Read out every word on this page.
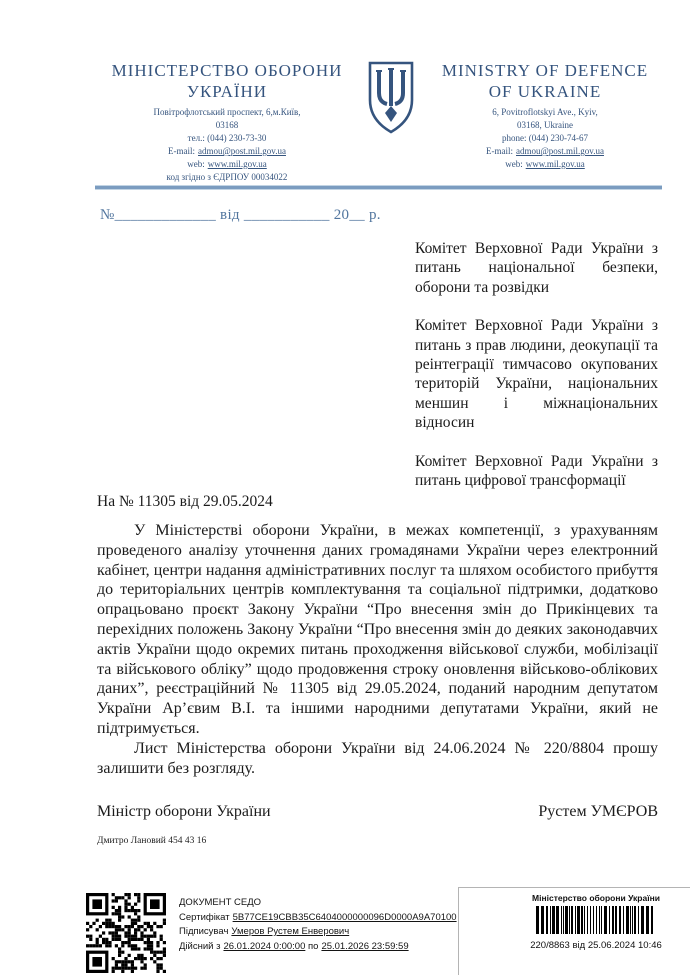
МІНІСТЕРСТВО ОБОРОНИ
УКРАЇНИ
Повітрофлотський проспект, 6,м.Київ,
03168
тел.: (044) 230-73-30
E-mail: admou@post.mil.gov.ua
web: www.mil.gov.ua
код згідно з ЄДРПОУ 00034022
MINISTRY OF DEFENCE
OF UKRAINE
6, Povitroflotskyi Ave., Kyiv,
03168, Ukraine
phone: (044) 230-74-67
E-mail: admou@post.mil.gov.ua
web: www.mil.gov.ua
№_____________ від ___________ 20__ р.

Комітет Верховної Ради України з питань національної безпеки, оборони та розвідки

Комітет Верховної Ради України з питань з прав людини, деокупації та реінтеграції тимчасово окупованих територій України, національних меншин і міжнаціональних відносин

Комітет Верховної Ради України з питань цифрової трансформації

На № 11305 від 29.05.2024

У Міністерстві оборони України, в межах компетенції, з урахуванням проведеного аналізу уточнення даних громадянами України через електронний кабінет, центри надання адміністративних послуг та шляхом особистого прибуття до територіальних центрів комплектування та соціальної підтримки, додатково опрацьовано проєкт Закону України “Про внесення змін до Прикінцевих та перехідних положень Закону України “Про внесення змін до деяких законодавчих актів України щодо окремих питань проходження військової служби, мобілізації та військового обліку” щодо продовження строку оновлення військово-облікових даних”, реєстраційний № 11305 від 29.05.2024, поданий народним депутатом України Ар’євим В.І. та іншими народними депутатами України, який не підтримується.

Лист Міністерства оборони України від 24.06.2024 № 220/8804 прошу залишити без розгляду.

Міністр оборони України	Рустем УМЄРОВ
Дмитро Лановий 454 43 16
ДОКУМЕНТ СЕДО
Сертифікат 5B77CE19CBB35C6404000000096D0000A9A70100
Підписувач Умеров Рустем Енверович
Дійсний з 26.01.2024 0:00:00 по 25.01.2026 23:59:59
Міністерство оборони України
220/8863 від 25.06.2024 10:46
